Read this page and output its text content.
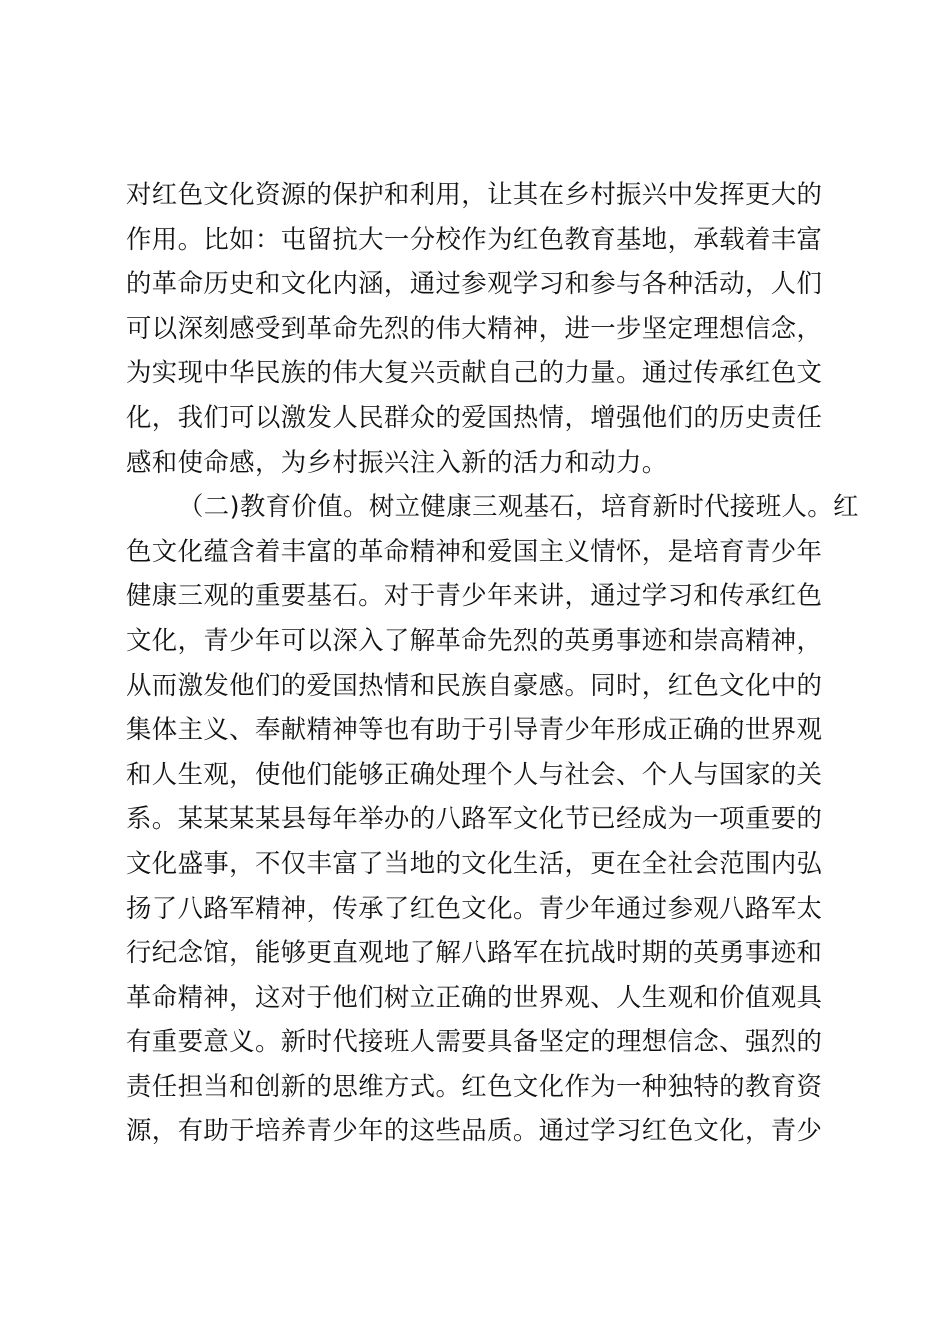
对红色文化资源的保护和利用，让其在乡村振兴中发挥更大的
作用。比如：屯留抗大一分校作为红色教育基地，承载着丰富
的革命历史和文化内涵，通过参观学习和参与各种活动，人们
可以深刻感受到革命先烈的伟大精神，进一步坚定理想信念，
为实现中华民族的伟大复兴贡献自己的力量。通过传承红色文
化，我们可以激发人民群众的爱国热情，增强他们的历史责任
感和使命感，为乡村振兴注入新的活力和动力。
（二)教育价值。树立健康三观基石，培育新时代接班人。红
色文化蕴含着丰富的革命精神和爱国主义情怀，是培育青少年
健康三观的重要基石。对于青少年来讲，通过学习和传承红色
文化，青少年可以深入了解革命先烈的英勇事迹和崇高精神，
从而激发他们的爱国热情和民族自豪感。同时，红色文化中的
集体主义、奉献精神等也有助于引导青少年形成正确的世界观
和人生观，使他们能够正确处理个人与社会、个人与国家的关
系。某某某某县每年举办的八路军文化节已经成为一项重要的
文化盛事，不仅丰富了当地的文化生活，更在全社会范围内弘
扬了八路军精神，传承了红色文化。青少年通过参观八路军太
行纪念馆，能够更直观地了解八路军在抗战时期的英勇事迹和
革命精神，这对于他们树立正确的世界观、人生观和价值观具
有重要意义。新时代接班人需要具备坚定的理想信念、强烈的
责任担当和创新的思维方式。红色文化作为一种独特的教育资
源，有助于培养青少年的这些品质。通过学习红色文化，青少
